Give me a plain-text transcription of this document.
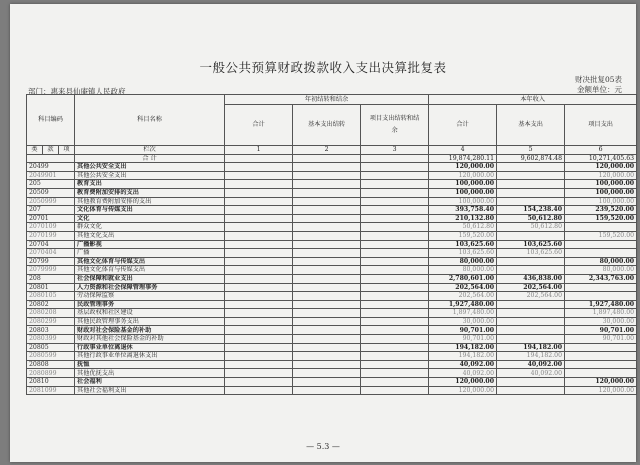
一般公共预算财政拨款收入支出决算批复表
财决批复05表
金额单位：元
部门：惠来县仙庵镇人民政府
科目编码			科目名称	年初结转和结余			本年收入		
				合计	基本支出结转	项目支出结转和结余	合计	基本支出	项目支出
类	款	项	栏次	1	2	3	4	5	6
			合 计				19,874,280.11	9,602,874.48	10,271,405.63
20499			其他公共安全支出				120,000.00		120,000.00
2049901			其他公共安全支出				120,000.00		120,000.00
205			教育支出				100,000.00		100,000.00
20509			教育费附加安排的支出				100,000.00		100,000.00
2050999			其他教育费附加安排的支出				100,000.00		100,000.00
207			文化体育与传媒支出				393,758.40	154,238.40	239,520.00
20701			文化				210,132.80	50,612.80	159,520.00
2070109			群众文化				50,612.80	50,612.80	
2070199			其他文化支出				159,520.00		159,520.00
20704			广播影视				103,625.60	103,625.60	
2070404			广播				103,625.60	103,625.60	
20799			其他文化体育与传媒支出				80,000.00		80,000.00
2079999			其他文化体育与传媒支出				80,000.00		80,000.00
208			社会保障和就业支出				2,780,601.00	436,838.00	2,343,763.00
20801			人力资源和社会保障管理事务				202,564.00	202,564.00	
2080105			劳动保障监察				202,564.00	202,564.00	
20802			民政管理事务				1,927,480.00		1,927,480.00
2080208			基层政权和社区建设				1,897,480.00		1,897,480.00
2080299			其他民政管理事务支出				30,000.00		30,000.00
20803			财政对社会保险基金的补助				90,701.00		90,701.00
2080399			财政对其他社会保险基金的补助				90,701.00		90,701.00
20805			行政事业单位离退休				194,182.00	194,182.00	
2080599			其他行政事业单位离退休支出				194,182.00	194,182.00	
20808			抚恤				40,092.00	40,092.00	
2080899			其他优抚支出				40,092.00	40,092.00	
20810			社会福利				120,000.00		120,000.00
2081099			其他社会福利支出				120,000.00		120,000.00
— 5.3 —
